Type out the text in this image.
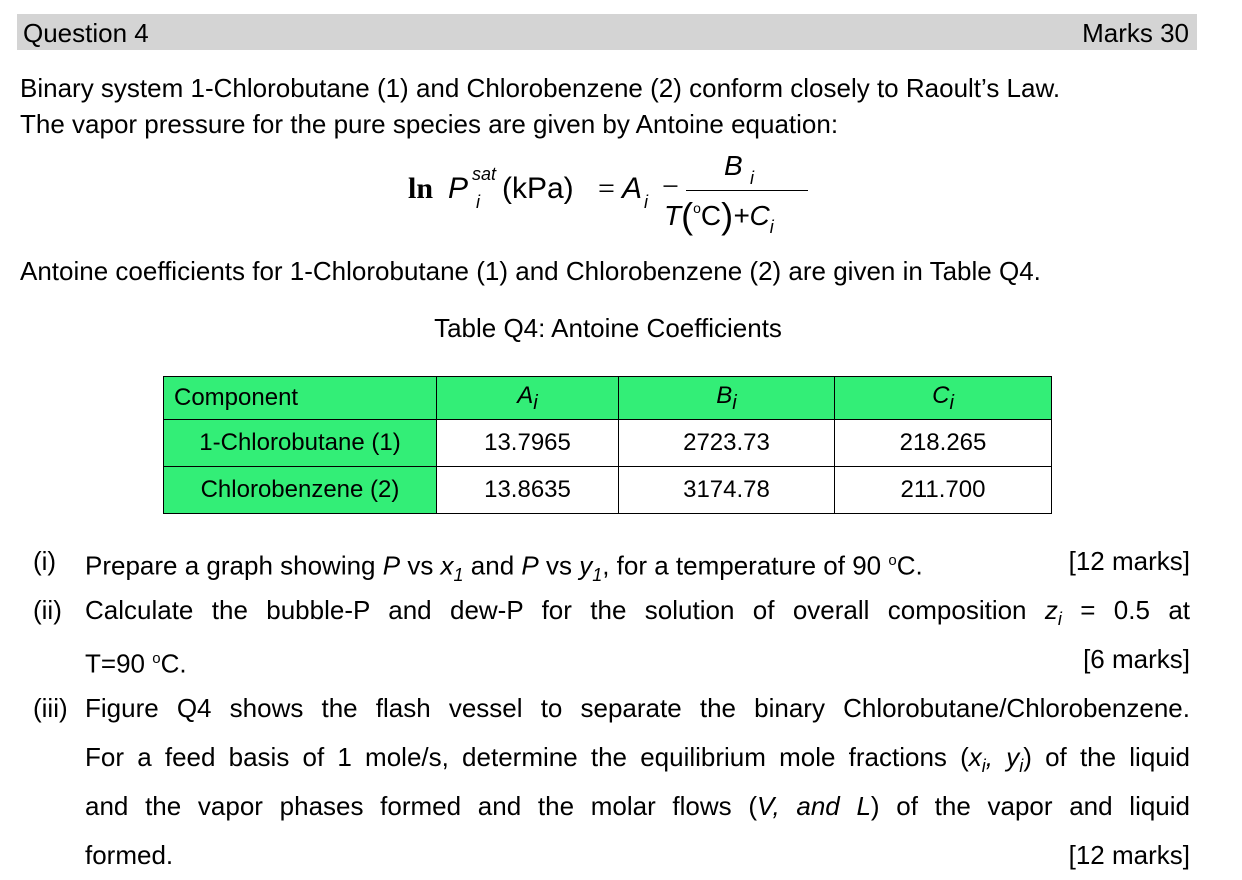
Question 4	Marks 30
Binary system 1-Chlorobutane (1) and Chlorobenzene (2) conform closely to Raoult’s Law.
The vapor pressure for the pure species are given by Antoine equation:
ln P sat
i (kPa) = A i −
B i
$T(^oC)+C_i$
Antoine coefficients for 1-Chlorobutane (1) and Chlorobenzene (2) are given in Table Q4.
Table Q4: Antoine Coefficients
Component	$A_i$	$B_i$	$C_i$
1-Chlorobutane (1)	13.7965	2723.73	218.265
Chlorobenzene (2)	13.8635	3174.78	211.700
(i) Prepare a graph showing P vs $x_1$ and P vs $y_1$, for a temperature of 90 $^o$C.	[12 marks]
(ii) Calculate the bubble-P and dew-P for the solution of overall composition $z_i = 0.5$ at
T=90 $^o$C.	[6 marks]
(iii) Figure Q4 shows the flash vessel to separate the binary Chlorobutane/Chlorobenzene.
For a feed basis of 1 mole/s, determine the equilibrium mole fractions ($x_i$, $y_i$) of the liquid
and the vapor phases formed and the molar flows (V, and L) of the vapor and liquid
formed.	[12 marks]
